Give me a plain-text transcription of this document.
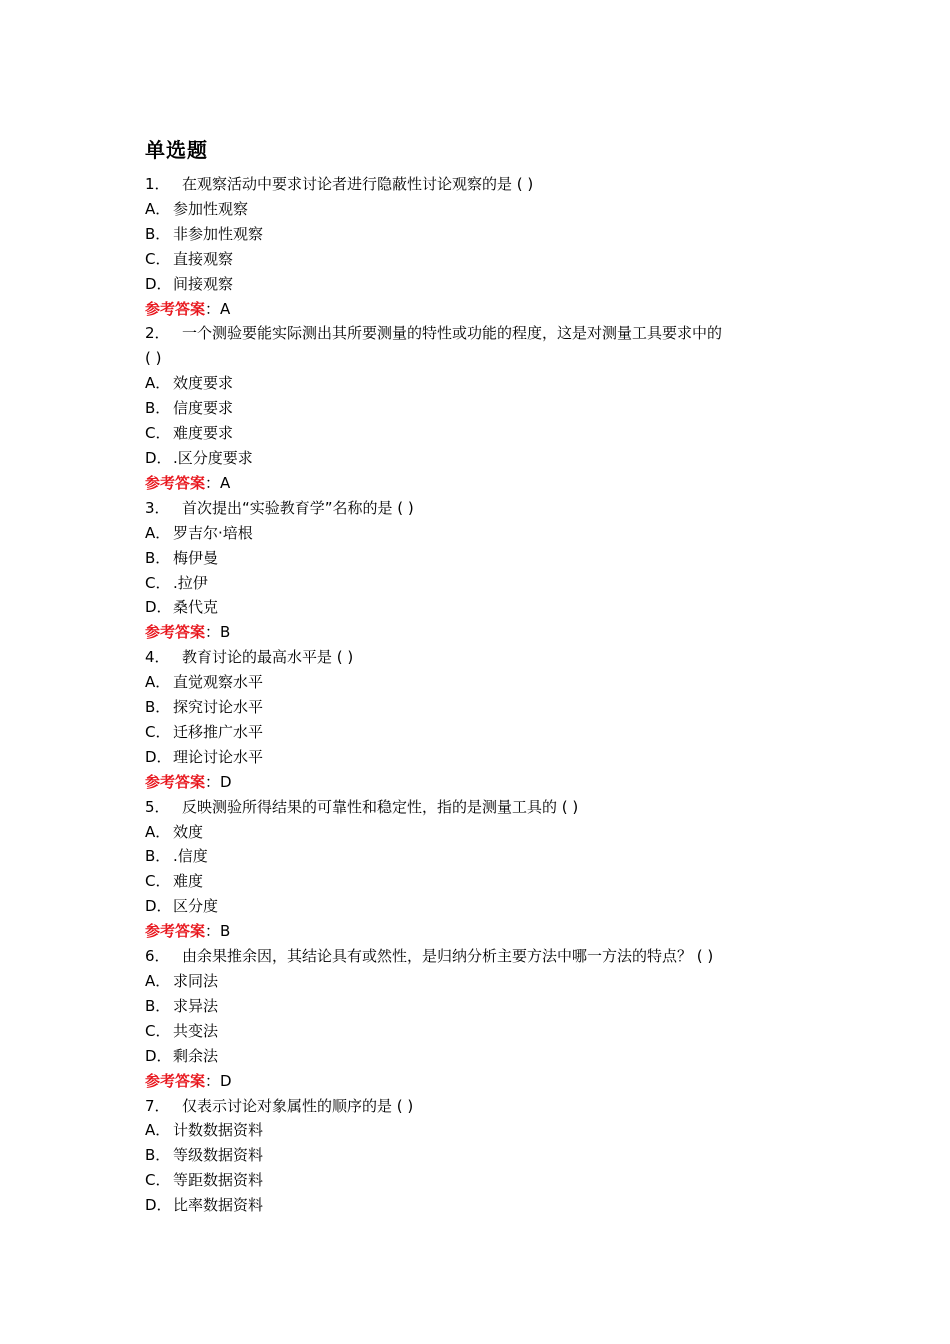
单选题
1． 在观察活动中要求讨论者进行隐蔽性讨论观察的是 ( )
A． 参加性观察
B． 非参加性观察
C． 直接观察
D．间接观察
参考答案：A
2． 一个测验要能实际测出其所要测量的特性或功能的程度，这是对测量工具要求中的
( )
A． 效度要求
B． 信度要求
C． 难度要求
D．.区分度要求
参考答案：A
3． 首次提出“实验教育学”名称的是 ( )
A． 罗吉尔·培根
B． 梅伊曼
C． .拉伊
D．桑代克
参考答案：B
4． 教育讨论的最高水平是 ( )
A． 直觉观察水平
B． 探究讨论水平
C． 迁移推广水平
D．理论讨论水平
参考答案：D
5． 反映测验所得结果的可靠性和稳定性，指的是测量工具的 ( )
A． 效度
B． .信度
C． 难度
D．区分度
参考答案：B
6． 由余果推余因，其结论具有或然性，是归纳分析主要方法中哪一方法的特点？ ( )
A． 求同法
B． 求异法
C． 共变法
D．剩余法
参考答案：D
7． 仅表示讨论对象属性的顺序的是 ( )
A． 计数数据资料
B． 等级数据资料
C． 等距数据资料
D．比率数据资料
